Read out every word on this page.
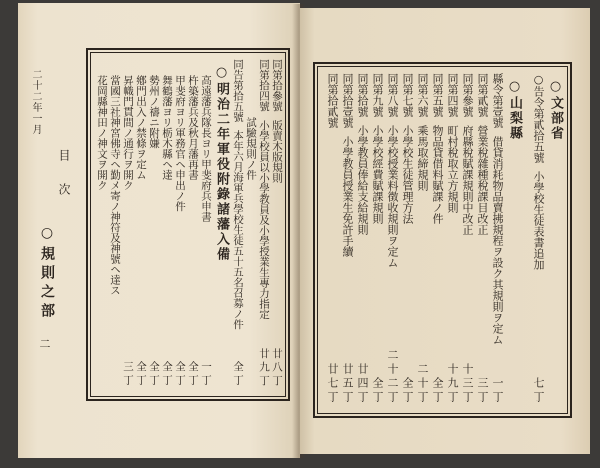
二十二年一月
目次
○規則之部
二
同第拾參號版賣木版規則
廿八丁
同第拾四號小學校員以小學教員及小學授業生專力指定
廿九丁
試驗規則ノ件
同告第拾五號本年六月海軍兵學校生徒五十五名召募ノ件
全丁
○明治二年軍役附錄諸藩入備
高遠藩兵隊長ヨリ甲斐府兵申書
一丁
杵築藩兵及秋月藩再書
全丁
甲斐府ヨリ軍務官ヘ申出ノ件
全丁
舞鶴藩ヨリ栃木縣ヘ達
全丁
勢州ノ禱ニ附嫌
全丁
鄕門出入ノ禁條ヲ定ム
全丁
昇幟門貫間ノ通行ヲ開ク
三丁
當國三社神宮佛寺ヘ勤メ寄ノ神符及神號ヘ達ス
花岡縣神田ノ神文ヲ開ク	○文部省
○告令第貳拾五號小學校生徒表書追加
七丁
○山梨縣
縣令第壹號借貸消耗物品賣拂規程ヲ設ク其規則ヲ定ム
一丁
同第貳號營業稅雜種稅課目改正
三丁
同第參號府縣稅賦課規則中改正
十三丁
同第四號町村稅取立方規則
十九丁
同第五號物品貸借料賦課ノ件
全丁
同第六號乘馬取締規則
二十丁
同第七號小學校生徒管理方法
全丁
同第八號小學校授業料徴收規則ヲ定ム
二十二丁
同第九號小學校經費賦課規則
全丁
同第拾號小學教員俸給支給規則
廿四丁
同第拾壹號小學教員授業生免許手續
廿五丁
同第拾貳號
廿七丁
